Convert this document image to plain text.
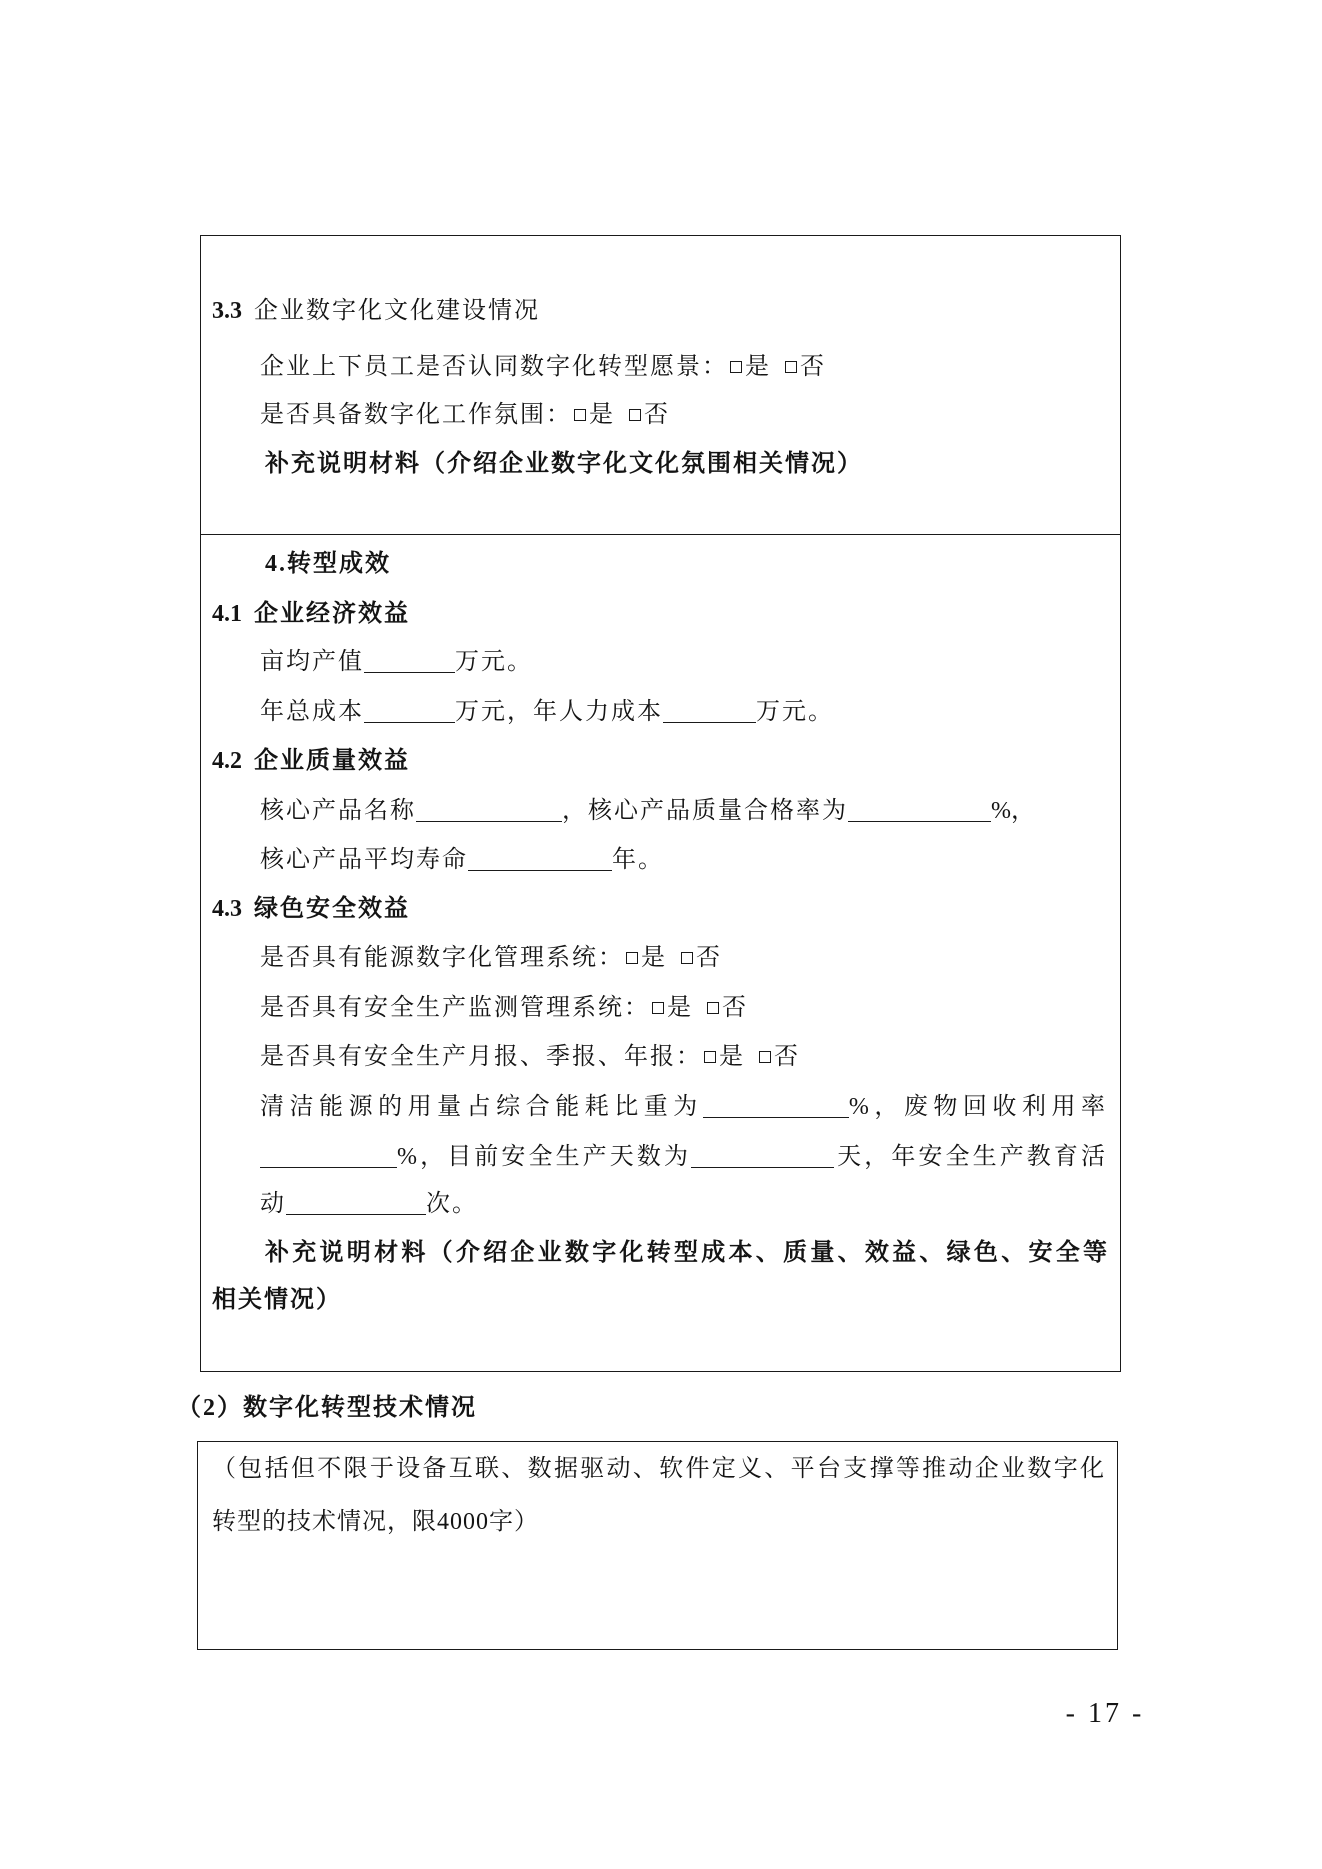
3.3 企业数字化文化建设情况
企业上下员工是否认同数字化转型愿景： 是 否
是否具备数字化工作氛围： 是 否
补充说明材料（介绍企业数字化文化氛围相关情况）
4.转型成效
4.1 企业经济效益
亩均产值	万元。
年总成本	万元，年人力成本	万元。
4.2 企业质量效益
核心产品名称	，核心产品质量合格率为	%，
核心产品平均寿命	年。
4.3 绿色安全效益
是否具有能源数字化管理系统： 是 否
是否具有安全生产监测管理系统： 是 否
是否具有安全生产月报、季报、年报： 是 否
清洁能源的用量占综合能耗比重为	%，废物回收利用率
%，目前安全生产天数为	天，年安全生产教育活
动	次。
补充说明材料（介绍企业数字化转型成本、质量、效益、绿色、安全等
相关情况）
（2）数字化转型技术情况
（包括但不限于设备互联、数据驱动、软件定义、平台支撑等推动企业数字化
转型的技术情况，限4000字）
- 17 -
